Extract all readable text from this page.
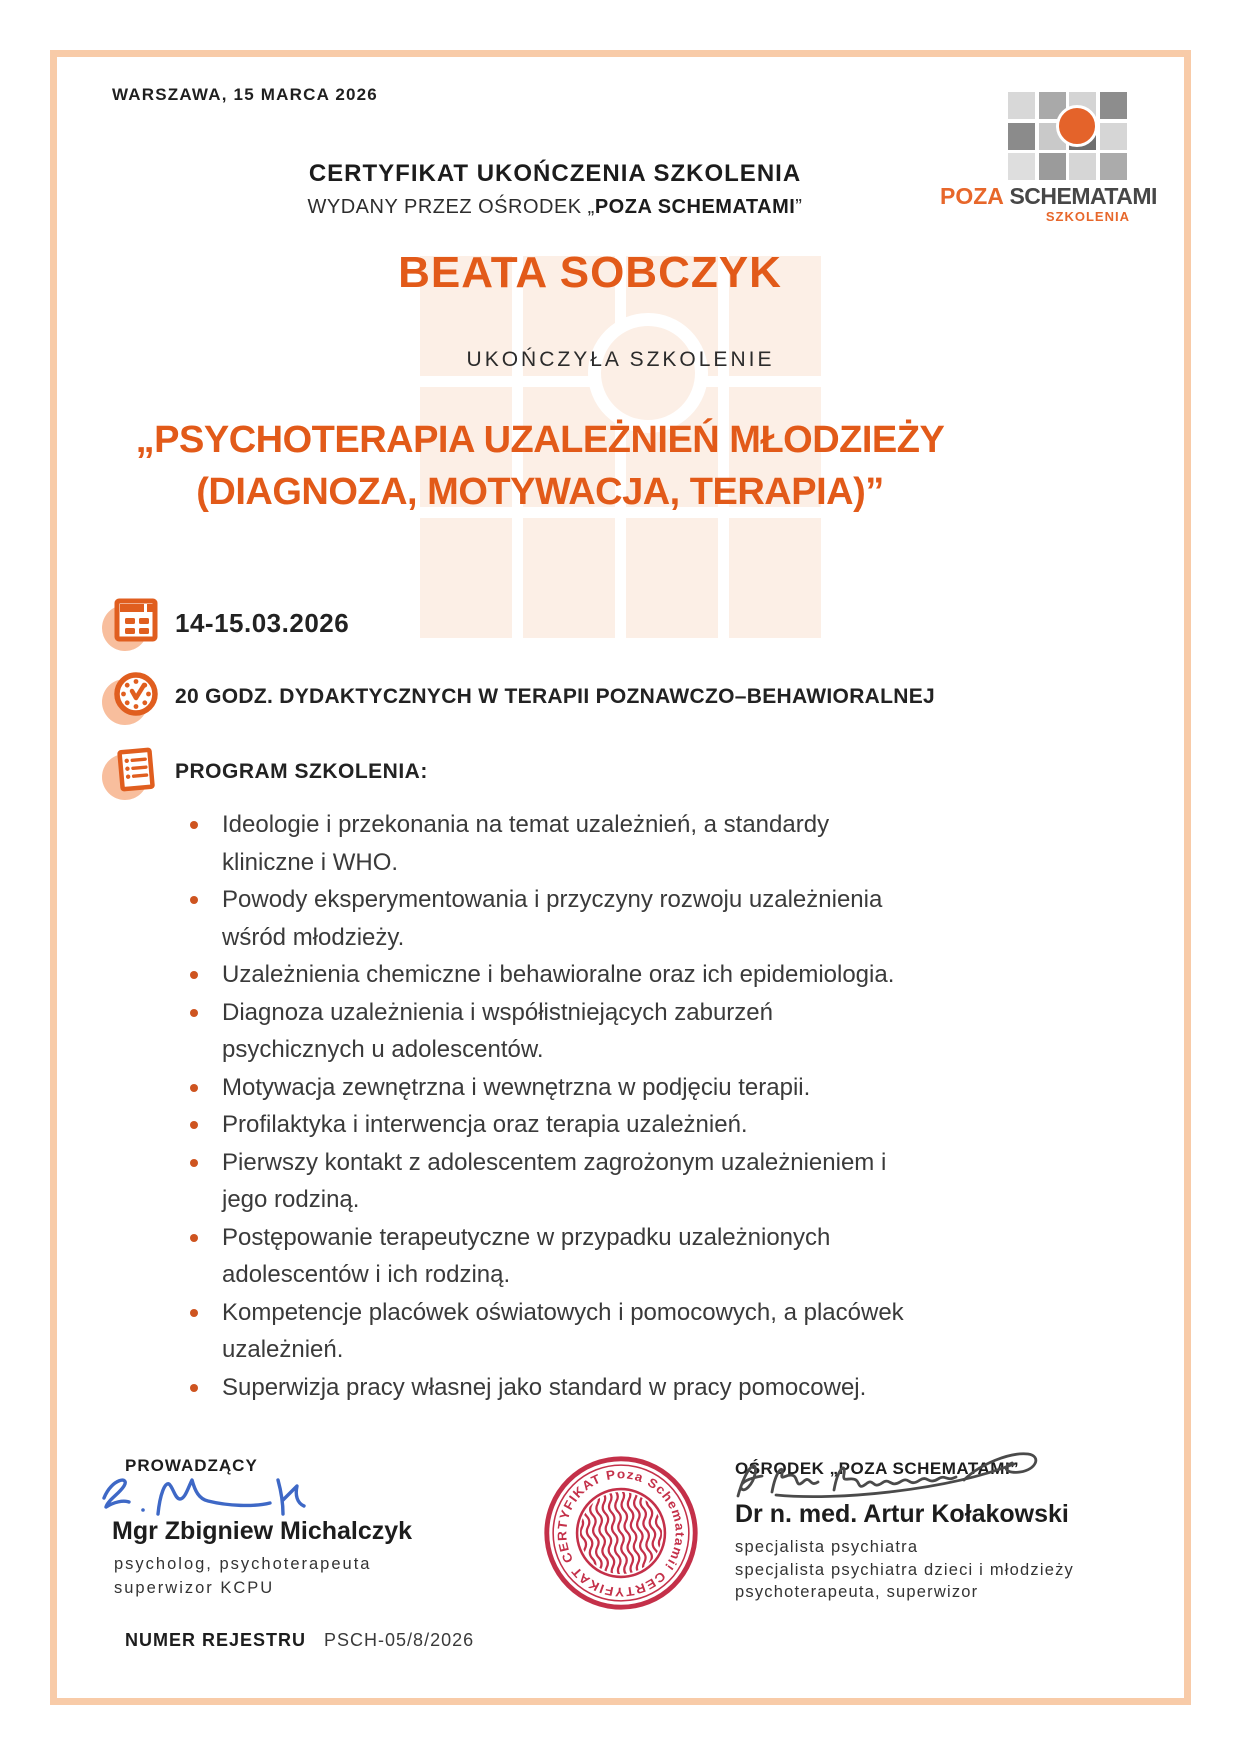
WARSZAWA, 15 MARCA 2026
POZA SCHEMATAMI
SZKOLENIA
CERTYFIKAT UKOŃCZENIA SZKOLENIA
WYDANY PRZEZ OŚRODEK „POZA SCHEMATAMI”
BEATA SOBCZYK
UKOŃCZYŁA SZKOLENIE
„PSYCHOTERAPIA UZALEŻNIEŃ MŁODZIEŻY
(DIAGNOZA, MOTYWACJA, TERAPIA)”
14-15.03.2026
20 GODZ. DYDAKTYCZNYCH W TERAPII POZNAWCZO–BEHAWIORALNEJ
PROGRAM SZKOLENIA:
Ideologie i przekonania na temat uzależnień, a standardy kliniczne i WHO.
Powody eksperymentowania i przyczyny rozwoju uzależnienia wśród młodzieży.
Uzależnienia chemiczne i behawioralne oraz ich epidemiologia.
Diagnoza uzależnienia i współistniejących zaburzeń psychicznych u adolescentów.
Motywacja zewnętrzna i wewnętrzna w podjęciu terapii.
Profilaktyka i interwencja oraz terapia uzależnień.
Pierwszy kontakt z adolescentem zagrożonym uzależnieniem i jego rodziną.
Postępowanie terapeutyczne w przypadku uzależnionych adolescentów i ich rodziną.
Kompetencje placówek oświatowych i pomocowych, a placówek uzależnień.
Superwizja pracy własnej jako standard w pracy pomocowej.
PROWADZĄCY
Mgr Zbigniew Michalczyk
psycholog, psychoterapeuta
superwizor KCPU
CERTYFIKAT Poza Schematami! CERTYFIKAT
OŚRODEK „POZA SCHEMATAMI”
Dr n. med. Artur Kołakowski
specjalista psychiatra
specjalista psychiatra dzieci i młodzieży
psychoterapeuta, superwizor
NUMER REJESTRU PSCH-05/8/2026
